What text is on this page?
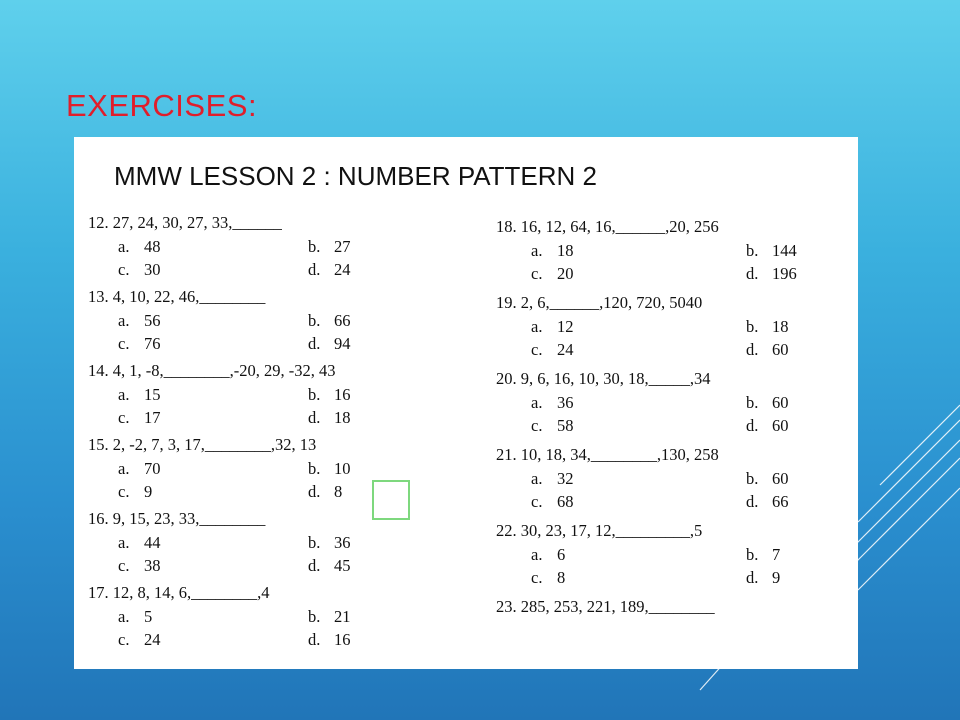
EXERCISES:
MMW LESSON 2 : NUMBER PATTERN 2
12. 27, 24, 30, 27, 33,______
a. 48	b. 27
c. 30	d. 24
13. 4, 10, 22, 46,________
a. 56	b. 66
c. 76	d. 94
14. 4, 1, -8,________,-20, 29, -32, 43
a. 15	b. 16
c. 17	d. 18
15. 2, -2, 7, 3, 17,________,32, 13
a. 70	b. 10
c. 9	d. 8
16. 9, 15, 23, 33,________
a. 44	b. 36
c. 38	d. 45
17. 12, 8, 14, 6,________,4
a. 5	b. 21
c. 24	d. 16
18. 16, 12, 64, 16,______,20, 256
a. 18	b. 144
c. 20	d. 196
19. 2, 6,______,120, 720, 5040
a. 12	b. 18
c. 24	d. 60
20. 9, 6, 16, 10, 30, 18,_____,34
a. 36	b. 60
c. 58	d. 60
21. 10, 18, 34,________,130, 258
a. 32	b. 60
c. 68	d. 66
22. 30, 23, 17, 12,_________,5
a. 6	b. 7
c. 8	d. 9
23. 285, 253, 221, 189,________
